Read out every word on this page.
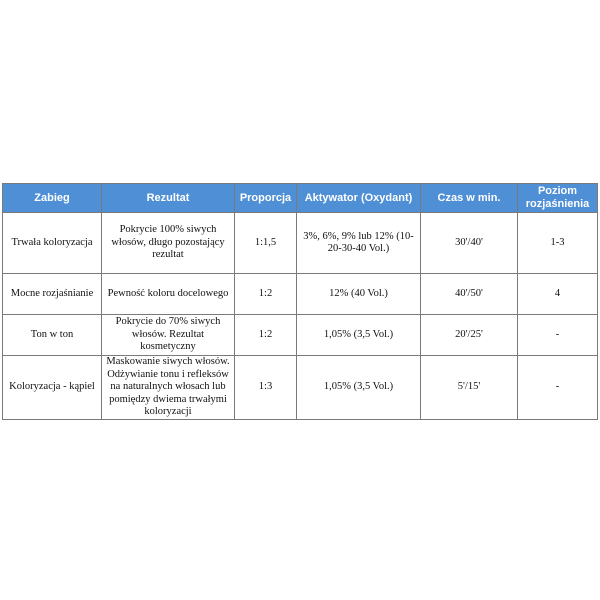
Zabieg	Rezultat	Proporcja	Aktywator (Oxydant)	Czas w min.	Poziom rozjaśnienia
Trwała koloryzacja	Pokrycie 100% siwych włosów, długo pozostający rezultat	1:1,5	3%, 6%, 9% lub 12% (10-20-30-40 Vol.)	30'/40'	1-3
Mocne rozjaśnianie	Pewność koloru docelowego	1:2	12% (40 Vol.)	40'/50'	4
Ton w ton	Pokrycie do 70% siwych włosów. Rezultat kosmetyczny	1:2	1,05% (3,5 Vol.)	20'/25'	-
Koloryzacja - kąpiel	Maskowanie siwych włosów. Odżywianie tonu i refleksów na naturalnych włosach lub pomiędzy dwiema trwałymi koloryzacji	1:3	1,05% (3,5 Vol.)	5'/15'	-
